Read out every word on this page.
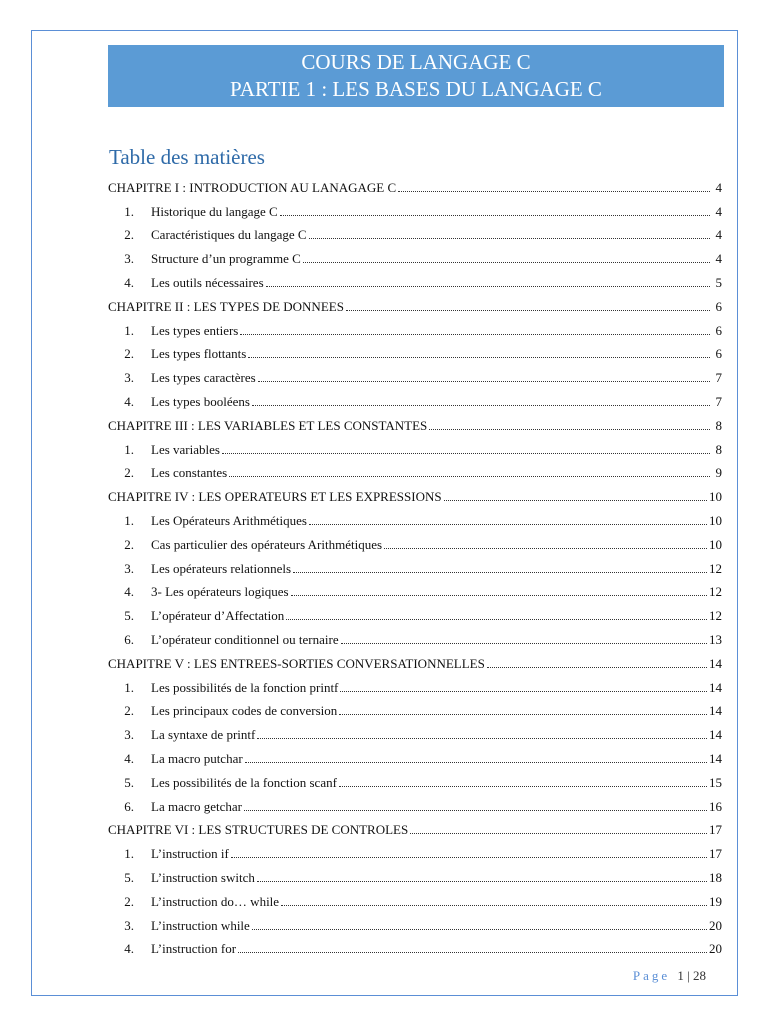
COURS DE LANGAGE C
PARTIE 1 : LES BASES DU LANGAGE C
Table des matières
CHAPITRE I : INTRODUCTION AU LANAGAGE C	4
1. Historique du langage C	4
2. Caractéristiques du langage C	4
3. Structure d’un programme C	4
4. Les outils nécessaires	5
CHAPITRE II : LES TYPES DE DONNEES	6
1. Les types entiers	6
2. Les types flottants	6
3. Les types caractères	7
4. Les types booléens	7
CHAPITRE III : LES VARIABLES ET LES CONSTANTES	8
1. Les variables	8
2. Les constantes	9
CHAPITRE IV : LES OPERATEURS ET LES EXPRESSIONS	10
1. Les Opérateurs Arithmétiques	10
2. Cas particulier des opérateurs Arithmétiques	10
3. Les opérateurs relationnels	12
4. 3- Les opérateurs logiques	12
5. L’opérateur d’Affectation	12
6. L’opérateur conditionnel ou ternaire	13
CHAPITRE V : LES ENTREES-SORTIES CONVERSATIONNELLES	14
1. Les possibilités de la fonction printf	14
2. Les principaux codes de conversion	14
3. La syntaxe de printf	14
4. La macro putchar	14
5. Les possibilités de la fonction scanf	15
6. La macro getchar	16
CHAPITRE VI : LES STRUCTURES DE CONTROLES	17
1. L’instruction if	17
5. L’instruction switch	18
2. L’instruction do… while	19
3. L’instruction while	20
4. L’instruction for	20
Page 1 | 28
